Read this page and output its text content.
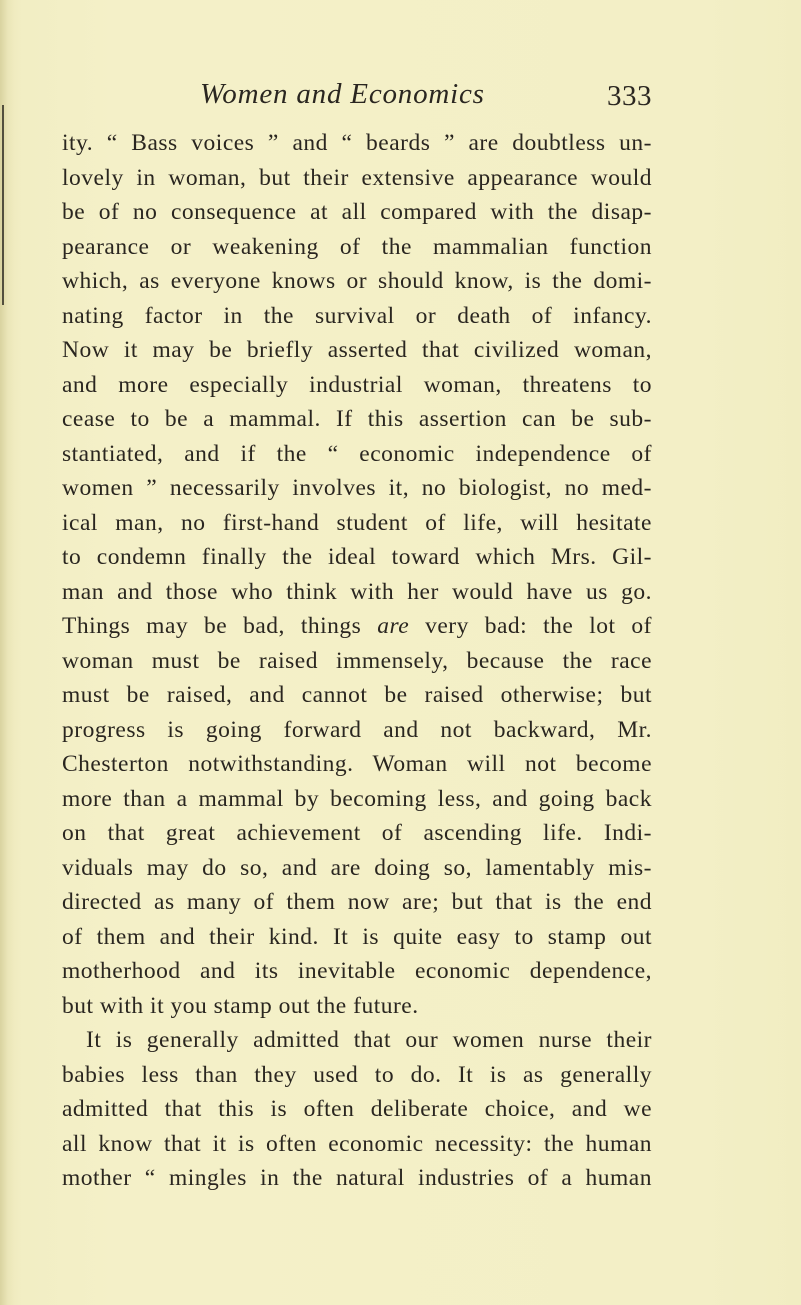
Women and Economics	333
ity. “ Bass voices ” and “ beards ” are doubtless un-
lovely in woman, but their extensive appearance would
be of no consequence at all compared with the disap-
pearance or weakening of the mammalian function
which, as everyone knows or should know, is the domi-
nating factor in the survival or death of infancy.
Now it may be briefly asserted that civilized woman,
and more especially industrial woman, threatens to
cease to be a mammal. If this assertion can be sub-
stantiated, and if the “ economic independence of
women ” necessarily involves it, no biologist, no med-
ical man, no first-hand student of life, will hesitate
to condemn finally the ideal toward which Mrs. Gil-
man and those who think with her would have us go.
Things may be bad, things are very bad: the lot of
woman must be raised immensely, because the race
must be raised, and cannot be raised otherwise; but
progress is going forward and not backward, Mr.
Chesterton notwithstanding. Woman will not become
more than a mammal by becoming less, and going back
on that great achievement of ascending life. Indi-
viduals may do so, and are doing so, lamentably mis-
directed as many of them now are; but that is the end
of them and their kind. It is quite easy to stamp out
motherhood and its inevitable economic dependence,
but with it you stamp out the future.
It is generally admitted that our women nurse their
babies less than they used to do. It is as generally
admitted that this is often deliberate choice, and we
all know that it is often economic necessity: the human
mother “ mingles in the natural industries of a human
